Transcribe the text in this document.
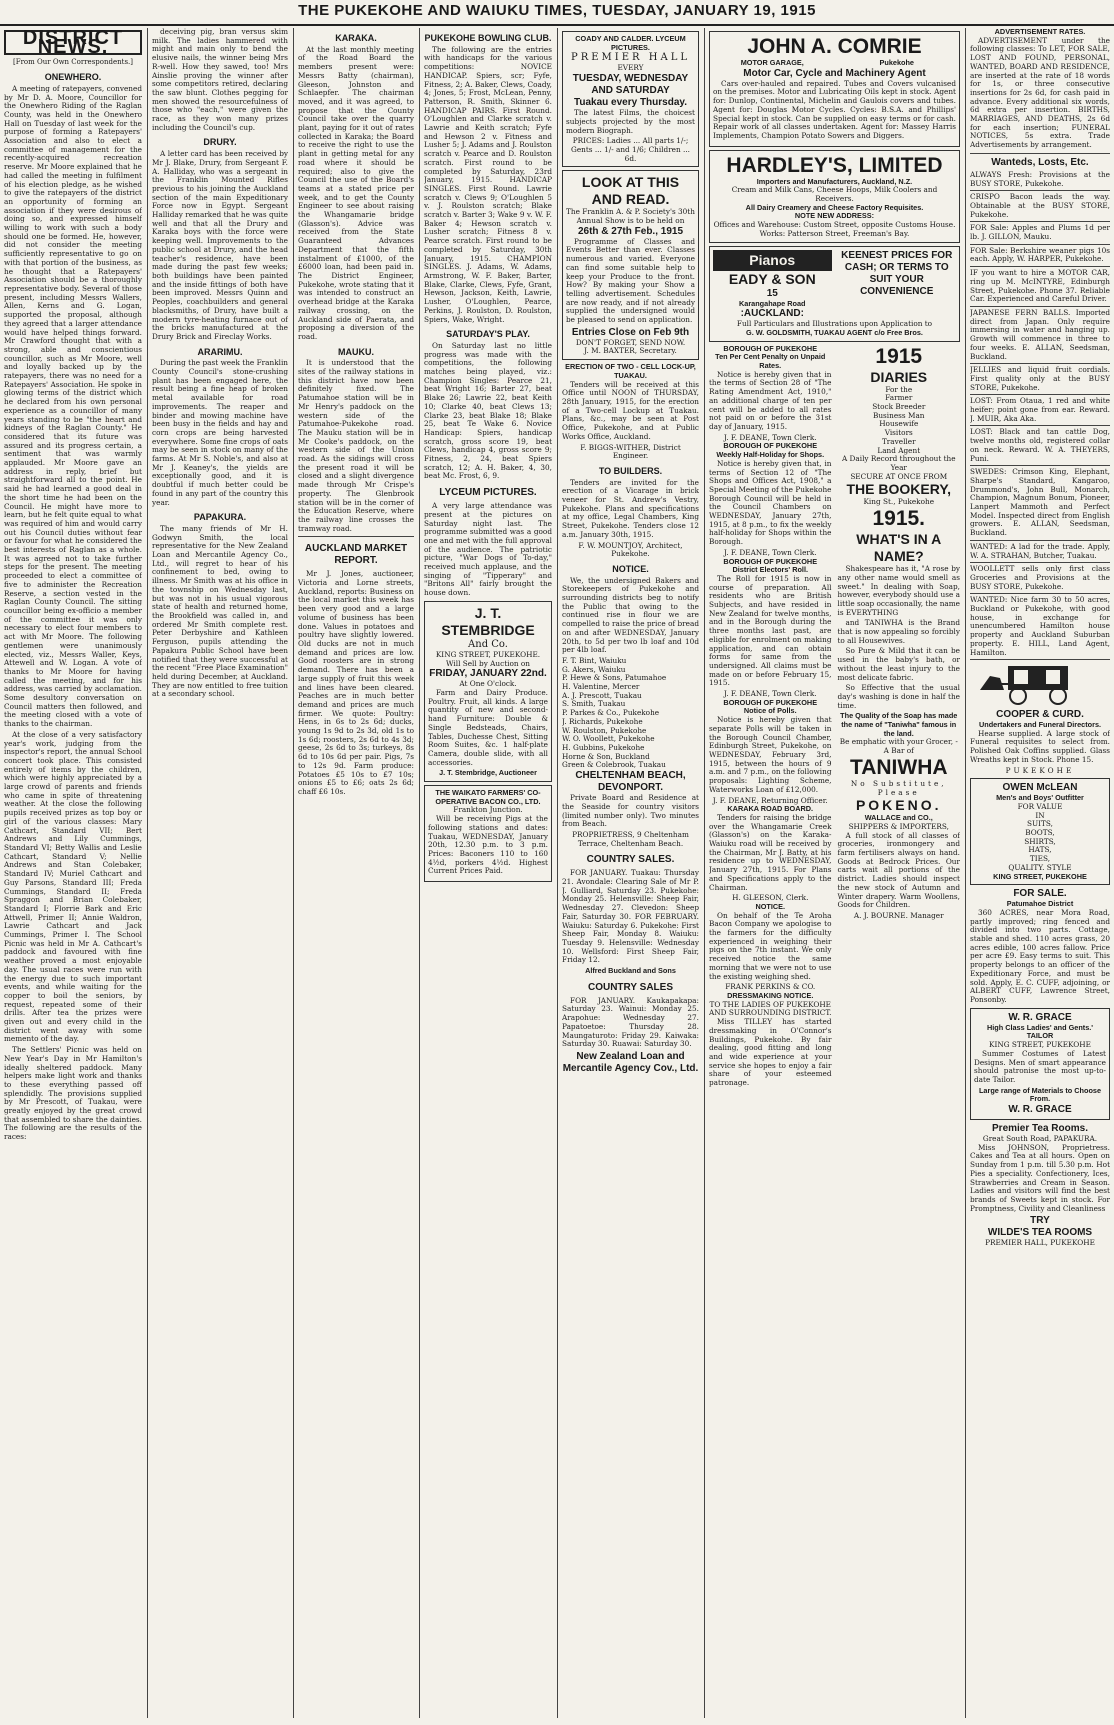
THE PUKEKOHE AND WAIUKU TIMES, TUESDAY, JANUARY 19, 1915
DISTRICT NEWS.
[From Our Own Correspondents.]
ONEWHERO.

A meeting of ratepayers, convened by Mr D. A. Moore, Councillor for the Onewhero Riding of the Raglan County, was held in the Onewhero Hall on Tuesday of last week for the purpose of forming a Ratepayers' Association and also to elect a committee of management for the recently-acquired recreation reserve. Mr Moore explained that he had called the meeting in fulfilment of his election pledge, as he wished to give the ratepayers of the district an opportunity of forming an association if they were desirous of doing so, and expressed himself willing to work with such a body should one be formed. He, however, did not consider the meeting sufficiently representative to go on with that portion of the business, as he thought that a Ratepayers' Association should be a thoroughly representative body. Several of those present, including Messrs Wallers, Allen, Kerns and G. Logan, supported the proposal, although they agreed that a larger attendance would have helped things forward. Mr Crawford thought that with a strong, able and conscientious councillor, such as Mr Moore, well and loyally backed up by the ratepayers, there was no need for a Ratepayers' Association. He spoke in glowing terms of the district which he declared from his own personal experience as a councillor of many years standing to be "the heart and kidneys of the Raglan County." He considered that its future was assured and its progress certain, a sentiment that was warmly applauded. Mr Moore gave an address in reply, brief but straightforward all to the point. He said he had learned a good deal in the short time he had been on the Council. He might have more to learn, but he felt quite equal to what was required of him and would carry out his Council duties without fear or favour for what he considered the best interests of Raglan as a whole. It was agreed not to take further steps for the present. The meeting proceeded to elect a committee of five to administer the Recreation Reserve, a section vested in the Raglan County Council. The sitting councillor being ex-officio a member of the committee it was only necessary to elect four members to act with Mr Moore. The following gentlemen were unanimously elected, viz., Messrs Waller, Keys, Attewell and W. Logan. A vote of thanks to Mr Moore for having called the meeting, and for his address, was carried by acclamation. Some desultory conversation on Council matters then followed, and the meeting closed with a vote of thanks to the chairman.

At the close of a very satisfactory year's work, judging from the inspector's report, the annual School concert took place. This consisted entirely of items by the children, which were highly appreciated by a large crowd of parents and friends who came in spite of threatening weather. At the close the following pupils received prizes as top boy or girl of the various classes: Mary Cathcart, Standard VII; Bert Andrews and Lily Cummings, Standard VI; Betty Wallis and Leslie Cathcart, Standard V; Nellie Andrews and Stan Colebaker, Standard IV; Muriel Cathcart and Guy Parsons, Standard III; Freda Cummings, Standard II; Freda Spraggon and Brian Colebaker, Standard I; Florrie Bark and Eric Attwell, Primer II; Annie Waldron, Lawrie Cathcart and Jack Cummings, Primer I. The School Picnic was held in Mr A. Cathcart's paddock and favoured with fine weather proved a most enjoyable day. The usual races were run with the energy due to such important events, and while waiting for the copper to boil the seniors, by request, repeated some of their drills. After tea the prizes were given out and every child in the district went away with some memento of the day.

The Settlers' Picnic was held on New Year's Day in Mr Hamilton's ideally sheltered paddock. Many helpers make light work and thanks to these everything passed off splendidly. The provisions supplied by Mr Prescott, of Tuakau, were greatly enjoyed by the great crowd that assembled to share the dainties. The following are the results of the races:

deceiving pig, bran versus skim milk. The ladies hammered with might and main only to bend the elusive nails, the winner being Mrs R-well. How they sawed, too! Mrs Ainslie proving the winner after some competitors retired, declaring the saw blunt. Clothes pegging for men showed the resourcefulness of those who "each," were given the race, as they won many prizes including the Council's cup.

DRURY.

A letter card has been received by Mr J. Blake, Drury, from Sergeant F. A. Halliday, who was a sergeant in the Franklin Mounted Rifles previous to his joining the Auckland section of the main Expeditionary Force now in Egypt. Sergeant Halliday remarked that he was quite well and that all the Drury and Karaka boys with the force were keeping well. Improvements to the public school at Drury, and the head teacher's residence, have been made during the past few weeks; both buildings have been painted and the inside fittings of both have been improved. Messrs Quinn and Peoples, coachbuilders and general blacksmiths, of Drury, have built a modern tyre-heating furnace out of the bricks manufactured at the Drury Brick and Fireclay Works.

ARARIMU.

During the past week the Franklin County Council's stone-crushing plant has been engaged here, the result being a fine heap of broken metal available for road improvements. The reaper and binder and mowing machine have been busy in the fields and hay and corn crops are being harvested everywhere. Some fine crops of oats may be seen in stock on many of the farms. At Mr S. Noble's, and also at Mr J. Keaney's, the yields are exceptionally good, and it is doubtful if much better could be found in any part of the country this year.

PAPAKURA.

The many friends of Mr H. Godwyn Smith, the local representative for the New Zealand Loan and Mercantile Agency Co., Ltd., will regret to hear of his confinement to bed, owing to illness. Mr Smith was at his office in the township on Wednesday last, but was not in his usual vigorous state of health and returned home, the Brookfield was called in, and ordered Mr Smith complete rest. Peter Derbyshire and Kathleen Ferguson, pupils attending the Papakura Public School have been notified that they were successful at the recent "Free Place Examination" held during December, at Auckland. They are now entitled to free tuition at a secondary school.

KARAKA.

At the last monthly meeting of the Road Board the members present were: Messrs Batty (chairman), Gleeson, Johnston and Schlaepfer. The chairman moved, and it was agreed, to propose that the County Council take over the quarry plant, paying for it out of rates collected in Karaka; the Board to receive the right to use the plant in getting metal for any road where it should be required; also to give the Council the use of the Board's teams at a stated price per week, and to get the County Engineer to see about raising the Whangamarie bridge (Glasson's). Advice was received from the State Guaranteed Advances Department that the fifth instalment of £1000, of the £6000 loan, had been paid in. The District Engineer, Pukekohe, wrote stating that it was intended to construct an overhead bridge at the Karaka railway crossing, on the Auckland side of Paerata, and proposing a diversion of the road.

MAUKU.

It is understood that the sites of the railway stations in this district have now been definitely fixed. The Patumahoe station will be in Mr Henry's paddock on the western side of the Patumahoe-Pukekohe road. The Mauku station will be in Mr Cooke's paddock, on the western side of the Union road. As the sidings will cross the present road it will be closed and a slight divergence made through Mr Crispe's property. The Glenbrook station will be in the corner of the Education Reserve, where the railway line crosses the tramway road.

AUCKLAND MARKET REPORT.

Mr J. Jones, auctioneer, Victoria and Lorne streets, Auckland, reports: Business on the local market this week has been very good and a large volume of business has been done. Values in potatoes and poultry have slightly lowered. Old ducks are not in much demand and prices are low. Good roosters are in strong demand. There has been a large supply of fruit this week and lines have been cleared. Peaches are in much better demand and prices are much firmer. We quote: Poultry: Hens, in 6s to 2s 6d; ducks, young 1s 9d to 2s 3d, old 1s to 1s 6d; roosters, 2s 6d to 4s 3d; geese, 2s 6d to 3s; turkeys, 8s 6d to 10s 6d per pair. Pigs, 7s to 12s 9d. Farm produce: Potatoes £5 10s to £7 10s; onions £5 to £6; oats 2s 6d; chaff £6 10s.

PUKEKOHE BOWLING CLUB.

The following are the entries with handicaps for the various competitions: NOVICE HANDICAP. Spiers, scr; Fyfe, Fitness, 2; A. Baker, Clews, Coady, 4; Jones, 5; Frost, McLean, Penny, Patterson, R. Smith, Skinner 6. HANDICAP PAIRS. First Round. O'Loughlen and Clarke scratch v. Lawrie and Keith scratch; Fyfe and Hewson 2 v. Fitness and Lusher 5; J. Adams and J. Roulston scratch v. Pearce and D. Roulston scratch. First round to be completed by Saturday, 23rd January, 1915. HANDICAP SINGLES. First Round. Lawrie scratch v. Clews 9; O'Loughlen 5 v. J. Roulston scratch; Blake scratch v. Barter 3; Wake 9 v. W. F. Baker 4; Hewson scratch v. Lusher scratch; Fitness 8 v. Pearce scratch. First round to be completed by Saturday, 30th January, 1915. CHAMPION SINGLES. J. Adams, W. Adams, Armstrong, W. F. Baker, Barter, Blake, Clarke, Clews, Fyfe, Grant, Hewson, Jackson, Keith, Lawrie, Lusher, O'Loughlen, Pearce, Perkins, J. Roulston, D. Roulston, Spiers, Wake, Wright.

SATURDAY'S PLAY.

On Saturday last no little progress was made with the competitions, the following matches being played, viz.: Champion Singles: Pearce 21, beat Wright 16; Barter 27, beat Blake 26; Lawrie 22, beat Keith 10; Clarke 40, beat Clews 13; Clarke 23, beat Blake 18; Blake 25, beat Te Wake 6. Novice Handicap: Spiers, handicap scratch, gross score 19, beat Clews, handicap 4, gross score 9; Fitness, 2, 24, beat Spiers scratch, 12; A. H. Baker, 4, 30, beat Mc. Frost, 6, 9.

LYCEUM PICTURES.

A very large attendance was present at the pictures on Saturday night last. The programme submitted was a good one and met with the full approval of the audience. The patriotic picture, "War Dogs of To-day," received much applause, and the singing of "Tipperary" and "Britons All" fairly brought the house down.

J. T. STEMBRIDGE
And Co.
KING STREET, PUKEKOHE.
Will Sell by Auction on
FRIDAY, JANUARY 22nd.
At One O'clock.

Farm and Dairy Produce. Poultry. Fruit, all kinds. A large quantity of new and second-hand Furniture: Double & Single Bedsteads, Chairs, Tables, Duchesse Chest, Sitting Room Suites, &c. 1 half-plate Camera, double slide, with all accessories.

J. T. Stembridge, Auctioneer
THE WAIKATO FARMERS' CO-OPERATIVE BACON CO., LTD.
Frankton Junction.

Will be receiving Pigs at the following stations and dates: Tuakau, WEDNESDAY, January 20th, 12.30 p.m. to 3 p.m. Prices: Baconers 110 to 160 4½d, porkers 4½d. Highest Current Prices Paid.

COADY AND CALDER. LYCEUM PICTURES.
PREMIER HALL
EVERY
TUESDAY, WEDNESDAY AND SATURDAY
Tuakau every Thursday.

The latest Films, the choicest subjects projected by the most modern Biograph.

PRICES: Ladies ... All parts 1/-; Gents ... 1/- and 1/6; Children ... 6d.
LOOK AT THIS AND READ.
The Franklin A. & P. Society's 30th Annual Show is to be held on
26th & 27th Feb., 1915

Programme of Classes and Events Better than ever. Classes numerous and varied. Everyone can find some suitable help to keep your Produce to the front. How? By making your Show a telling advertisement. Schedules are now ready, and if not already supplied the undersigned would be pleased to send on application.

Entries Close on Feb 9th
DON'T FORGET, SEND NOW.
J. M. BAXTER, Secretary.
ERECTION OF TWO - CELL LOCK-UP, TUAKAU.

Tenders will be received at this Office until NOON of THURSDAY, 28th January, 1915, for the erection of a Two-cell Lockup at Tuakau. Plans, &c., may be seen at Post Office, Pukekohe, and at Public Works Office, Auckland.

F. BIGGS-WITHER, District Engineer.
TO BUILDERS.

Tenders are invited for the erection of a Vicarage in brick veneer for St. Andrew's Vestry, Pukekohe. Plans and specifications at my office, Legal Chambers, King Street, Pukekohe. Tenders close 12 a.m. January 30th, 1915.

F. W. MOUNTJOY, Architect, Pukekohe.
NOTICE.

We, the undersigned Bakers and Storekeepers of Pukekohe and surrounding districts beg to notify the Public that owing to the continued rise in flour we are compelled to raise the price of bread on and after WEDNESDAY, January 20th, to 5d per two lb loaf and 10d per 4lb loaf.

F. T. Bint, Waiuku
G. Akers, Waiuku
P. Hewe & Sons, Patumahoe
H. Valentine, Mercer
A. J. Prescott, Tuakau
S. Smith, Tuakau
P. Parkes & Co., Pukekohe
J. Richards, Pukekohe
W. Roulston, Pukekohe
W. O. Woollett, Pukekohe
H. Gubbins, Pukekohe
Horne & Son, Buckland
Green & Colebrook, Tuakau
CHELTENHAM BEACH, DEVONPORT.

Private Board and Residence at the Seaside for country visitors (limited number only). Two minutes from Beach.

PROPRIETRESS, 9 Cheltenham Terrace, Cheltenham Beach.
COUNTRY SALES.

FOR JANUARY. Tuakau: Thursday 21. Avondale: Clearing Sale of Mr P. J. Gulliard, Saturday 23. Pukekohe: Monday 25. Helensville: Sheep Fair, Wednesday 27. Clevedon: Sheep Fair, Saturday 30. FOR FEBRUARY. Waiuku: Saturday 6. Pukekohe: First Sheep Fair, Monday 8. Waiuku: Tuesday 9. Helensville: Wednesday 10. Wellsford: First Sheep Fair, Friday 12.

Alfred Buckland and Sons
COUNTRY SALES

FOR JANUARY. Kaukapakapa: Saturday 23. Wainui: Monday 25. Arapohue: Wednesday 27. Papatoetoe: Thursday 28. Maungaturoto: Friday 29. Kaiwaka: Saturday 30. Ruawai: Saturday 30.

New Zealand Loan and Mercantile Agency Cov., Ltd.
JOHN A. COMRIE
MOTOR GARAGE,	Pukekohe
Motor Car, Cycle and Machinery Agent

Cars over-hauled and repaired. Tubes and Covers vulcanised on the premises. Motor and Lubricating Oils kept in stock. Agent for: Dunlop, Continental, Michelin and Gaulois covers and tubes. Agent for: Douglas Motor Cycles. Cycles: B.S.A. and Phillips' Special kept in stock. Can be supplied on easy terms or for cash. Repair work of all classes undertaken. Agent for: Massey Harris Implements, Champion Potato Sowers and Diggers.

HARDLEY'S, LIMITED
Importers and Manufacturers, Auckland, N.Z.
Cream and Milk Cans, Cheese Hoops, Milk Coolers and Receivers.
All Dairy Creamery and Cheese Factory Requisites.
NOTE NEW ADDRESS:
Offices and Warehouse: Custom Street, opposite Customs House. Works: Patterson Street, Freeman's Bay.
Pianos
EADY & SON
15
Karangahape Road
:AUCKLAND:
KEENEST PRICES FOR CASH; OR TERMS TO SUIT YOUR CONVENIENCE
Full Particulars and Illustrations upon Application to
G. W. GOLDSMITH, TUAKAU AGENT c/o Free Bros.
BOROUGH OF PUKEKOHE
Ten Per Cent Penalty on Unpaid Rates.

Notice is hereby given that in the terms of Section 28 of "The Rating Amendment Act, 1910," an additional charge of ten per cent will be added to all rates not paid on or before the 31st day of January, 1915.

J. F. DEANE, Town Clerk.
BOROUGH OF PUKEKOHE
Weekly Half-Holiday for Shops.

Notice is hereby given that, in terms of Section 12 of "The Shops and Offices Act, 1908," a Special Meeting of the Pukekohe Borough Council will be held in the Council Chambers on WEDNESDAY, January 27th, 1915, at 8 p.m., to fix the weekly half-holiday for Shops within the Borough.

J. F. DEANE, Town Clerk.
BOROUGH OF PUKEKOHE
District Electors' Roll.

The Roll for 1915 is now in course of preparation. All residents who are British Subjects, and have resided in New Zealand for twelve months, and in the Borough during the three months last past, are eligible for enrolment on making application, and can obtain forms for same from the undersigned. All claims must be made on or before February 15, 1915.

J. F. DEANE, Town Clerk.
BOROUGH OF PUKEKOHE
Notice of Polls.

Notice is hereby given that separate Polls will be taken in the Borough Council Chamber, Edinburgh Street, Pukekohe, on WEDNESDAY, February 3rd, 1915, between the hours of 9 a.m. and 7 p.m., on the following proposals: Lighting Scheme, Waterworks Loan of £12,000.

J. F. DEANE, Returning Officer.
KARAKA ROAD BOARD.

Tenders for raising the bridge over the Whangamarie Creek (Glasson's) on the Karaka-Waiuku road will be received by the Chairman, Mr J. Batty, at his residence up to WEDNESDAY, January 27th, 1915. For Plans and Specifications apply to the Chairman.

H. GLEESON, Clerk.
NOTICE.

On behalf of the Te Aroha Bacon Company we apologise to the farmers for the difficulty experienced in weighing their pigs on the 7th instant. We only received notice the same morning that we were not to use the existing weighing shed.

FRANK PERKINS & CO.
DRESSMAKING NOTICE.
TO THE LADIES OF PUKEKOHE AND SURROUNDING DISTRICT.

Miss TILLEY has started dressmaking in O'Connor's Buildings, Pukekohe. By fair dealing, good fitting and long and wide experience at your service she hopes to enjoy a fair share of your esteemed patronage.

1915
DIARIES
For the
Farmer
Stock Breeder
Business Man
Housewife
Visitors
Traveller
Land Agent
A Daily Record throughout the Year
SECURE AT ONCE FROM
THE BOOKERY,
King St., Pukekohe
1915.
WHAT'S IN A NAME?

Shakespeare has it, "A rose by any other name would smell as sweet." In dealing with Soap, however, everybody should use a little soap occasionally, the name is EVERYTHING

and TANIWHA is the Brand that is now appealing so forcibly to all Housewives.

So Pure & Mild that it can be used in the baby's bath, or without the least injury to the most delicate fabric.

So Effective that the usual day's washing is done in half the time.

The Quality of the Soap has made the name of "Taniwha" famous in the land.
Be emphatic with your Grocer, - A Bar of
TANIWHA
No Substitute, Please
POKENO.
WALLACE and CO.,
SHIPPERS & IMPORTERS,

A full stock of all classes of groceries, ironmongery and farm fertilisers always on hand. Goods at Bedrock Prices. Our carts wait all portions of the district. Ladies should inspect the new stock of Autumn and Winter drapery. Warm Woollens, Goods for Children.

A. J. BOURNE. Manager
ADVERTISEMENT RATES.

ADVERTISEMENT under the following classes: To LET, FOR SALE, LOST AND FOUND, PERSONAL, WANTED, BOARD AND RESIDENCE, are inserted at the rate of 18 words for 1s, or three consecutive insertions for 2s 6d, for cash paid in advance. Every additional six words, 6d extra per insertion. BIRTHS, MARRIAGES, AND DEATHS, 2s 6d for each insertion; FUNERAL NOTICES, 5s extra. Trade Advertisements by arrangement.

Wanteds, Losts, Etc.

ALWAYS Fresh: Provisions at the BUSY STORE, Pukekohe.

CRISPO Bacon leads the way. Obtainable at the BUSY STORE, Pukekohe.

FOR Sale: Apples and Plums 1d per lb. J. GILLON, Mauku.

FOR Sale: Berkshire weaner pigs 10s each. Apply, W. HARPER, Pukekohe.

IF you want to hire a MOTOR CAR, ring up M. McINTYRE, Edinburgh Street, Pukekohe. Phone 37. Reliable Car. Experienced and Careful Driver.

JAPANESE FERN BALLS. Imported direct from Japan. Only require immersing in water and hanging up. Growth will commence in three to four weeks. E. ALLAN, Seedsman, Buckland.

JELLIES and liquid fruit cordials. First quality only at the BUSY STORE, Pukekohe.

LOST: From Otaua, 1 red and white heifer; point gone from ear. Reward. J. MUIR, Aka Aka.

LOST: Black and tan cattle Dog, twelve months old, registered collar on neck. Reward. W. A. THEYERS, Puni.

SWEDES: Crimson King, Elephant, Sharpe's Standard, Kangaroo, Drummond's, John Bull, Monarch, Champion, Magnum Bonum, Pioneer, Lanpert Mammoth and Perfect Model. Inspected direct from English growers. E. ALLAN, Seedsman, Buckland.

WANTED: A lad for the trade. Apply, W. A. STRAHAN, Butcher, Tuakau.

WOOLLETT sells only first class Groceries and Provisions at the BUSY STORE, Pukekohe.

WANTED: Nice farm 30 to 50 acres, Buckland or Pukekohe, with good house, in exchange for unencumbered Hamilton house property and Auckland Suburban property. E. HILL, Land Agent, Hamilton.

COOPER & CURD.
Undertakers and Funeral Directors.

Hearse supplied. A large stock of Funeral requisites to select from. Polished Oak Coffins supplied. Glass Wreaths kept in Stock. Phone 15.

PUKEKOHE
OWEN McLEAN
Men's and Boys' Outfitter
FOR VALUE
IN
SUITS,
BOOTS,
SHIRTS,
HATS,
TIES,
QUALITY. STYLE
KING STREET, PUKEKOHE
FOR SALE.
Patumahoe District

360 ACRES, near Mora Road, partly improved; ring fenced and divided into two parts. Cottage, stable and shed. 110 acres grass, 20 acres edible, 100 acres fallow. Price per acre £9. Easy terms to suit. This property belongs to an officer of the Expeditionary Force, and must be sold. Apply, E. C. CUFF, adjoining, or ALBERT CUFF, Lawrence Street, Ponsonby.

W. R. GRACE
High Class Ladies' and Gents.' TAILOR
KING STREET, PUKEKOHE

Summer Costumes of Latest Designs. Men of smart appearance should patronise the most up-to-date Tailor.

Large range of Materials to Choose From.
W. R. GRACE
Premier Tea Rooms.
Great South Road, PAPAKURA.

Miss JOHNSON, Proprietress. Cakes and Tea at all hours. Open on Sunday from 1 p.m. till 5.30 p.m. Hot Pies a speciality. Confectionery, Ices, Strawberries and Cream in Season. Ladies and visitors will find the best brands of Sweets kept in stock. For Promptness, Civility and Cleanliness

TRY
WILDE'S TEA ROOMS
PREMIER HALL, PUKEKOHE
